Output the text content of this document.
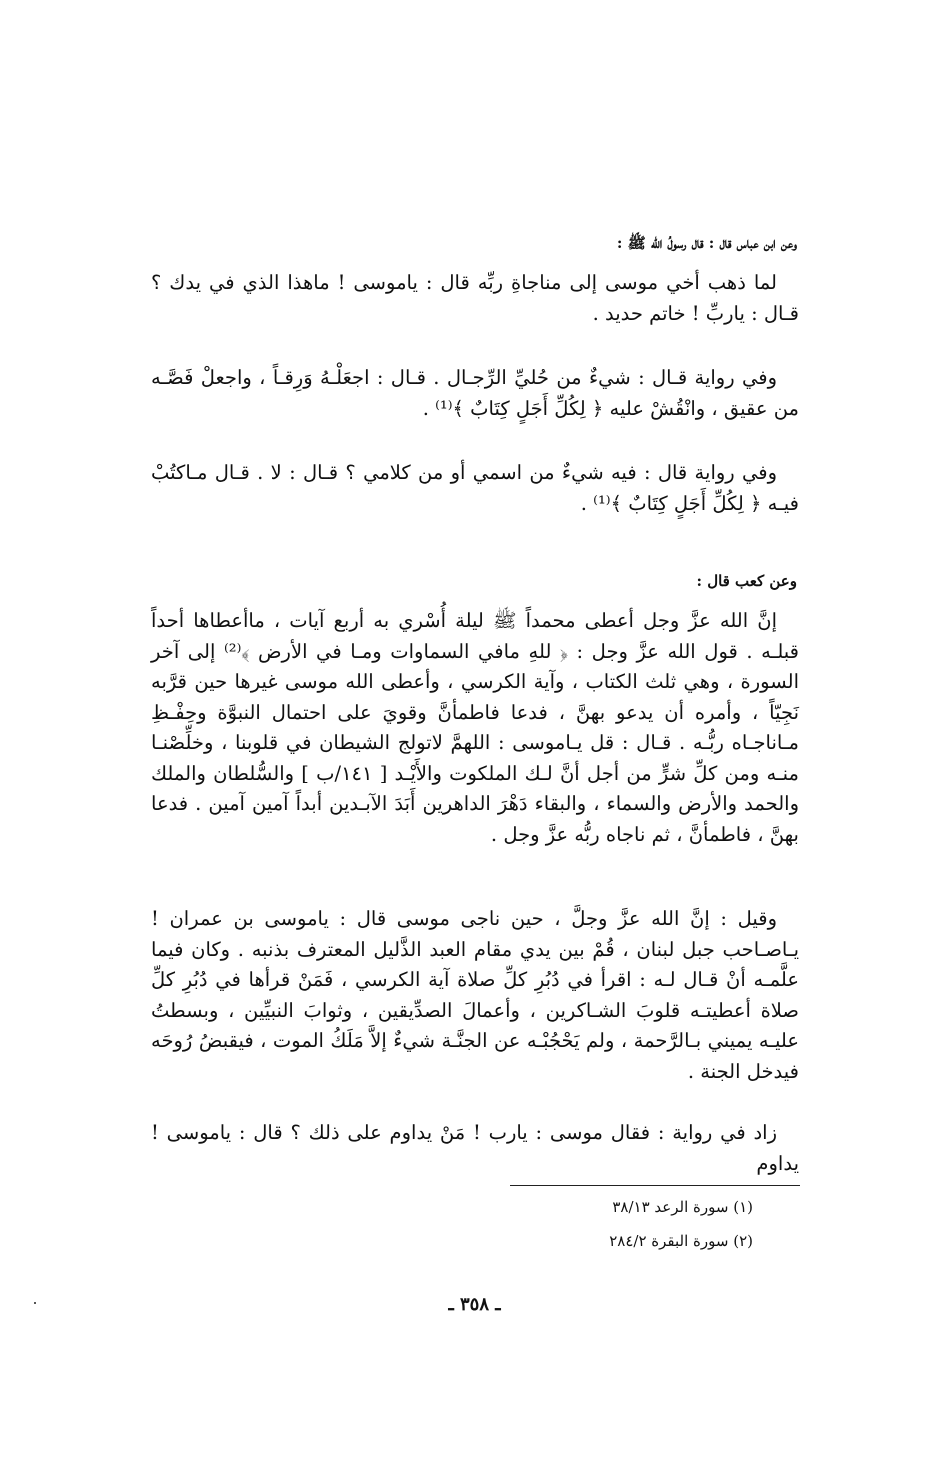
وعن ابن عباس قال : قال رسولُ الله ﷺ :

لما ذهب أخي موسى إلى مناجاةِ ربِّه قال : ياموسى ! ماهذا الذي في يدك ؟ قـال : ياربِّ ! خاتم حديد .

وفي رواية قـال : شيءٌ من حُليِّ الرِّجـال . قـال : اجعَلْـهُ وَرِقـاً ، واجعلْ فَصَّـه من عقيق ، وانْقُشْ عليه ﴿ لِكُلِّ أَجَلٍ كِتَابٌ ﴾⁽¹⁾ .

وفي رواية قال : فيه شيءٌ من اسمي أو من كلامي ؟ قـال : لا . قـال مـاكتُبْ فيـه ﴿ لِكُلِّ أَجَلٍ كِتَابٌ ﴾⁽¹⁾ .

وعن كعب قال :

إنَّ الله عزَّ وجل أعطى محمداً ﷺ ليلة أُسْري به أربع آيات ، ماأعطاها أحداً قبلـه . قول الله عزَّ وجل : ﴿ للهِ مافي السماوات ومـا في الأرض ﴾⁽²⁾ إلى آخر السورة ، وهي ثلث الكتاب ، وآية الكرسي ، وأعطى الله موسى غيرها حين قرَّبه نَجِيّاً ، وأمره أن يدعو بهنَّ ، فدعا فاطمأنَّ وقويَ على احتمال النبوَّة وحِفْـظِ مـاناجـاه ربُّـه . قـال : قل يـاموسى : اللهمَّ لاتولج الشيطان في قلوبنا ، وخلِّصْنـا منـه ومن كلِّ شرٍّ من أجل أنَّ لـك الملكوت والأَيْـد [ ١٤١/ب ] والسُّلطان والملك والحمد والأرض والسماء ، والبقاء دَهْرَ الداهرين أَبَدَ الآبـدين أبداً آمين آمين . فدعا بهنَّ ، فاطمأنَّ ، ثم ناجاه ربُّه عزَّ وجل .

وقيل : إنَّ الله عزَّ وجلَّ ، حين ناجى موسى قال : ياموسى بن عمران ! يـاصـاحب جبل لبنان ، قُمْ بين يدي مقام العبد الذَّليل المعترف بذنبه . وكان فيما علَّمـه أنْ قـال لـه : اقرأ في دُبُرِ كلِّ صلاة آية الكرسي ، فَمَنْ قرأها في دُبُرِ كلِّ صلاة أعطيتـه قلوبَ الشـاكرين ، وأعمالَ الصدِّيقين ، وثوابَ النبيِّين ، وبسطتُ عليـه يميني بـالرَّحمة ، ولم يَحْجُبْـه عن الجنَّـة شيءٌ إلاَّ مَلَكُ الموت ، فيقبضُ رُوحَه فيدخل الجنة .

زاد في رواية : فقال موسى : يارب ! مَنْ يداوم على ذلك ؟ قال : ياموسى ! يداوم

(١) سورة الرعد ٣٨/١٣

(٢) سورة البقرة ٢٨٤/٢

ـ ٣٥٨ ـ
